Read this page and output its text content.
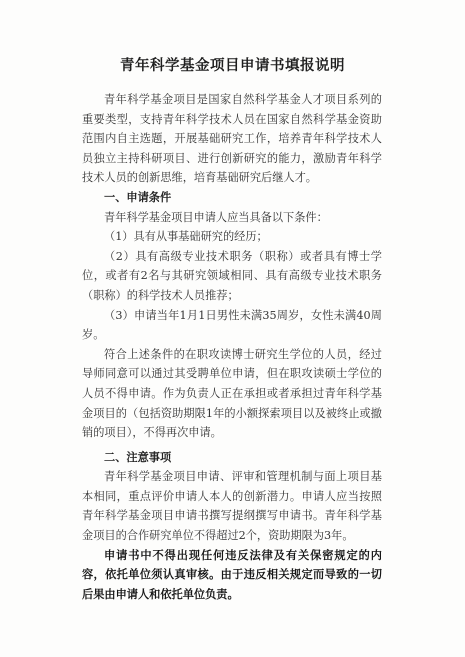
青年科学基金项目申请书填报说明

青年科学基金项目是国家自然科学基金人才项目系列的重要类型，支持青年科学技术人员在国家自然科学基金资助范围内自主选题，开展基础研究工作，培养青年科学技术人员独立主持科研项目、进行创新研究的能力，激励青年科学技术人员的创新思维，培育基础研究后继人才。

一、申请条件

青年科学基金项目申请人应当具备以下条件：

（1）具有从事基础研究的经历；

（2）具有高级专业技术职务（职称）或者具有博士学位，或者有2名与其研究领域相同、具有高级专业技术职务（职称）的科学技术人员推荐；

（3）申请当年1月1日男性未满35周岁，女性未满40周岁。

符合上述条件的在职攻读博士研究生学位的人员，经过导师同意可以通过其受聘单位申请，但在职攻读硕士学位的人员不得申请。作为负责人正在承担或者承担过青年科学基金项目的（包括资助期限1年的小额探索项目以及被终止或撤销的项目），不得再次申请。

二、注意事项

青年科学基金项目申请、评审和管理机制与面上项目基本相同，重点评价申请人本人的创新潜力。申请人应当按照青年科学基金项目申请书撰写提纲撰写申请书。青年科学基金项目的合作研究单位不得超过2个，资助期限为3年。

申请书中不得出现任何违反法律及有关保密规定的内容，依托单位须认真审核。由于违反相关规定而导致的一切后果由申请人和依托单位负责。
